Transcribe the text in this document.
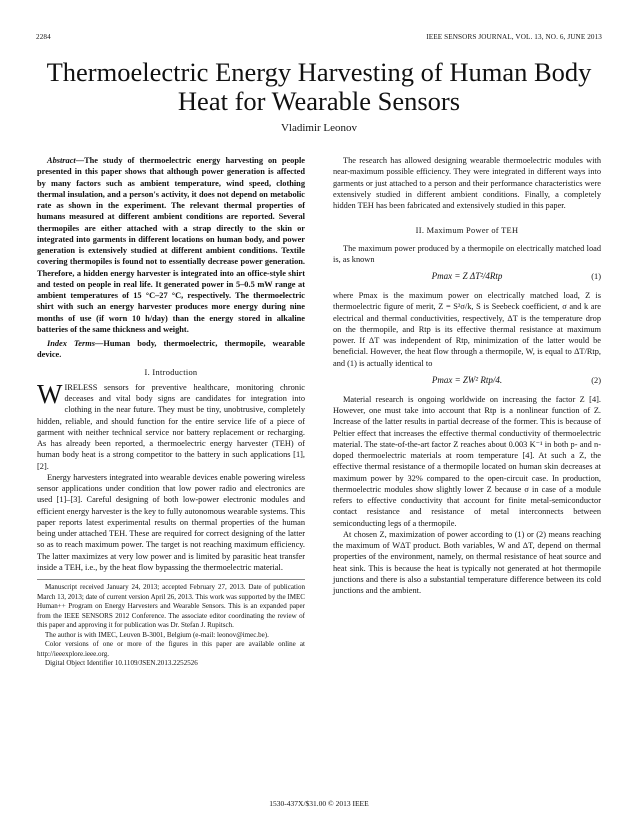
2284	IEEE SENSORS JOURNAL, VOL. 13, NO. 6, JUNE 2013
Thermoelectric Energy Harvesting of Human Body Heat for Wearable Sensors
Vladimir Leonov

Abstract—The study of thermoelectric energy harvesting on people presented in this paper shows that although power generation is affected by many factors such as ambient temperature, wind speed, clothing thermal insulation, and a person's activity, it does not depend on metabolic rate as shown in the experiment. The relevant thermal properties of humans measured at different ambient conditions are reported. Several thermopiles are either attached with a strap directly to the skin or integrated into garments in different locations on human body, and power generation is extensively studied at different ambient conditions. Textile covering thermopiles is found not to essentially decrease power generation. Therefore, a hidden energy harvester is integrated into an office-style shirt and tested on people in real life. It generated power in 5–0.5 mW range at ambient temperatures of 15 °C–27 °C, respectively. The thermoelectric shirt with such an energy harvester produces more energy during nine months of use (if worn 10 h/day) than the energy stored in alkaline batteries of the same thickness and weight.

Index Terms—Human body, thermoelectric, thermopile, wearable device.

I. Introduction

WIRELESS sensors for preventive healthcare, monitoring chronic deceases and vital body signs are candidates for integration into clothing in the near future. They must be tiny, unobtrusive, completely hidden, reliable, and should function for the entire service life of a piece of garment with neither technical service nor battery replacement or recharging. As has already been reported, a thermoelectric energy harvester (TEH) of human body heat is a strong competitor to the battery in such applications [1], [2].

Energy harvesters integrated into wearable devices enable powering wireless sensor applications under condition that low power radio and electronics are used [1]–[3]. Careful designing of both low-power electronic modules and efficient energy harvester is the key to fully autonomous wearable systems. This paper reports latest experimental results on thermal properties of the human being under attached TEH. These are required for correct designing of the latter so as to reach maximum power. The target is not reaching maximum efficiency. The latter maximizes at very low power and is limited by parasitic heat transfer inside a TEH, i.e., by the heat flow bypassing the thermoelectric material.

Manuscript received January 24, 2013; accepted February 27, 2013. Date of publication March 13, 2013; date of current version April 26, 2013. This work was supported by the IMEC Human++ Program on Energy Harvesters and Wearable Sensors. This is an expanded paper from the IEEE SENSORS 2012 Conference. The associate editor coordinating the review of this paper and approving it for publication was Dr. Stefan J. Rupitsch.

The author is with IMEC, Leuven B-3001, Belgium (e-mail: leonov@imec.be).

Color versions of one or more of the figures in this paper are available online at http://ieeexplore.ieee.org.

Digital Object Identifier 10.1109/JSEN.2013.2252526

The research has allowed designing wearable thermoelectric modules with near-maximum possible efficiency. They were integrated in different ways into garments or just attached to a person and their performance characteristics were extensively studied in different ambient conditions. Finally, a completely hidden TEH has been fabricated and extensively studied in this paper.

II. Maximum Power of TEH

The maximum power produced by a thermopile on electrically matched load is, as known

Pmax = Z ΔT²/4Rtp	(1)

where Pmax is the maximum power on electrically matched load, Z is thermoelectric figure of merit, Z = S²σ/k, S is Seebeck coefficient, σ and k are electrical and thermal conductivities, respectively, ΔT is the temperature drop on the thermopile, and Rtp is its effective thermal resistance at maximum power. If ΔT was independent of Rtp, minimization of the latter would be beneficial. However, the heat flow through a thermopile, W, is equal to ΔT/Rtp, and (1) is actually identical to

Pmax = ZW² Rtp/4.	(2)

Material research is ongoing worldwide on increasing the factor Z [4]. However, one must take into account that Rtp is a nonlinear function of Z. Increase of the latter results in partial decrease of the former. This is because of Peltier effect that increases the effective thermal conductivity of thermoelectric material. The state-of-the-art factor Z reaches about 0.003 K⁻¹ in both p- and n-doped thermoelectric materials at room temperature [4]. At such a Z, the effective thermal resistance of a thermopile located on human skin decreases at maximum power by 32% compared to the open-circuit case. In production, thermoelectric modules show slightly lower Z because σ in case of a module refers to effective conductivity that account for finite metal-semiconductor contact resistance and resistance of metal interconnects between semiconducting legs of a thermopile.

At chosen Z, maximization of power according to (1) or (2) means reaching the maximum of WΔT product. Both variables, W and ΔT, depend on thermal properties of the environment, namely, on thermal resistance of heat source and heat sink. This is because the heat is typically not generated at hot thermopile junctions and there is also a substantial temperature difference between its cold junctions and the ambient.

1530-437X/$31.00 © 2013 IEEE
